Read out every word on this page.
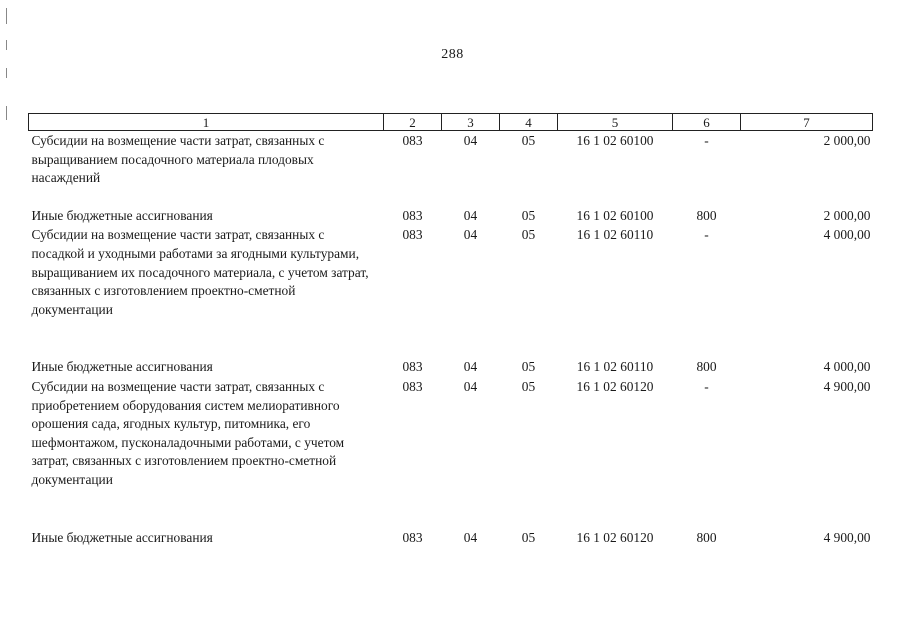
288
1	2	3	4	5	6	7
Субсидии на возмещение части затрат, связанных с выращиванием посадочного материала плодовых насаждений	083	04	05	16 1 02 60100	-	2 000,00

Иные бюджетные ассигнования	083	04	05	16 1 02 60100	800	2 000,00
Субсидии на возмещение части затрат, связанных с посадкой и уходными работами за ягодными культурами, выращиванием их посадочного материала, с учетом затрат, связанных с изготовлением проектно-сметной документации	083	04	05	16 1 02 60110	-	4 000,00

Иные бюджетные ассигнования	083	04	05	16 1 02 60110	800	4 000,00
Субсидии на возмещение части затрат, связанных с приобретением оборудования систем мелиоративного орошения сада, ягодных культур, питомника, его шефмонтажом, пусконаладочными работами, с учетом затрат, связанных с изготовлением проектно-сметной документации	083	04	05	16 1 02 60120	-	4 900,00

Иные бюджетные ассигнования	083	04	05	16 1 02 60120	800	4 900,00
